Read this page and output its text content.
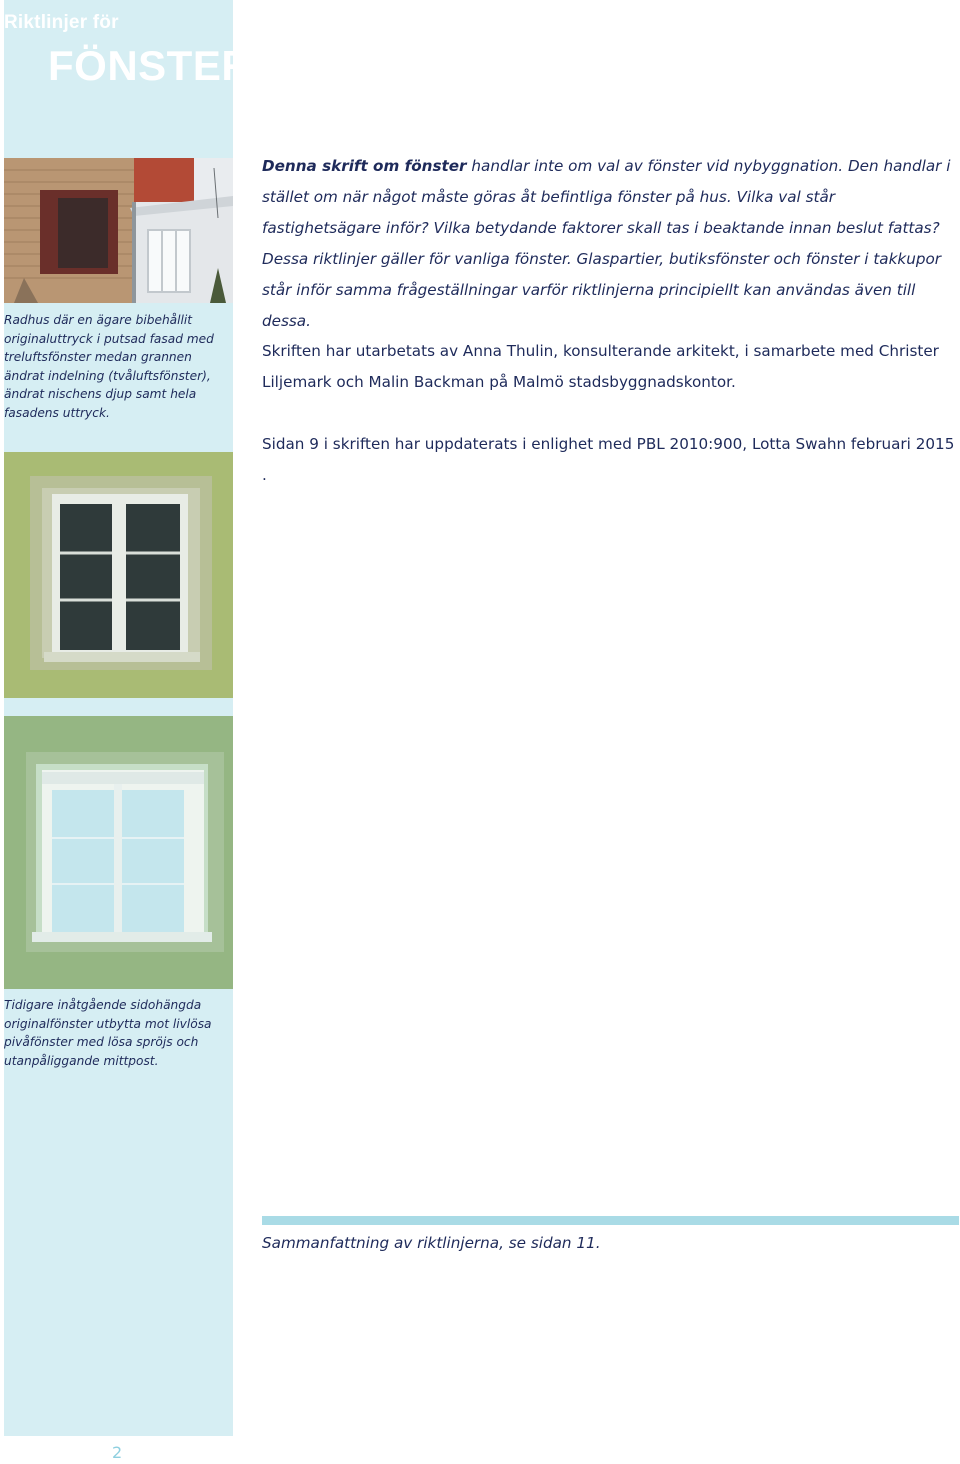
Riktlinjer för
FÖNSTER
Radhus där en ägare bibehållit originaluttryck i putsad fasad med treluftsfönster medan grannen ändrat indelning (tvåluftsfönster), ändrat nischens djup samt hela fasadens uttryck.
Tidigare inåtgående sidohängda originalfönster utbytta mot livlösa pivåfönster med lösa spröjs och utanpåliggande mittpost.
Denna skrift om fönster handlar inte om val av fönster vid nybyggnation. Den handlar i stället om när något måste göras åt befintliga fönster på hus. Vilka val står fastighetsägare inför? Vilka betydande faktorer skall tas i beaktande innan beslut fattas?
Dessa riktlinjer gäller för vanliga fönster. Glaspartier, butiksfönster och fönster i takkupor står inför samma frågeställningar varför riktlinjerna principiellt kan användas även till dessa.
Skriften har utarbetats av Anna Thulin, konsulterande arkitekt, i samarbete med Christer Liljemark och Malin Backman på Malmö stadsbyggnadskontor.
Sidan 9 i skriften har uppdaterats i enlighet med PBL 2010:900, Lotta Swahn februari 2015 .
Sammanfattning av riktlinjerna, se sidan 11.
2
